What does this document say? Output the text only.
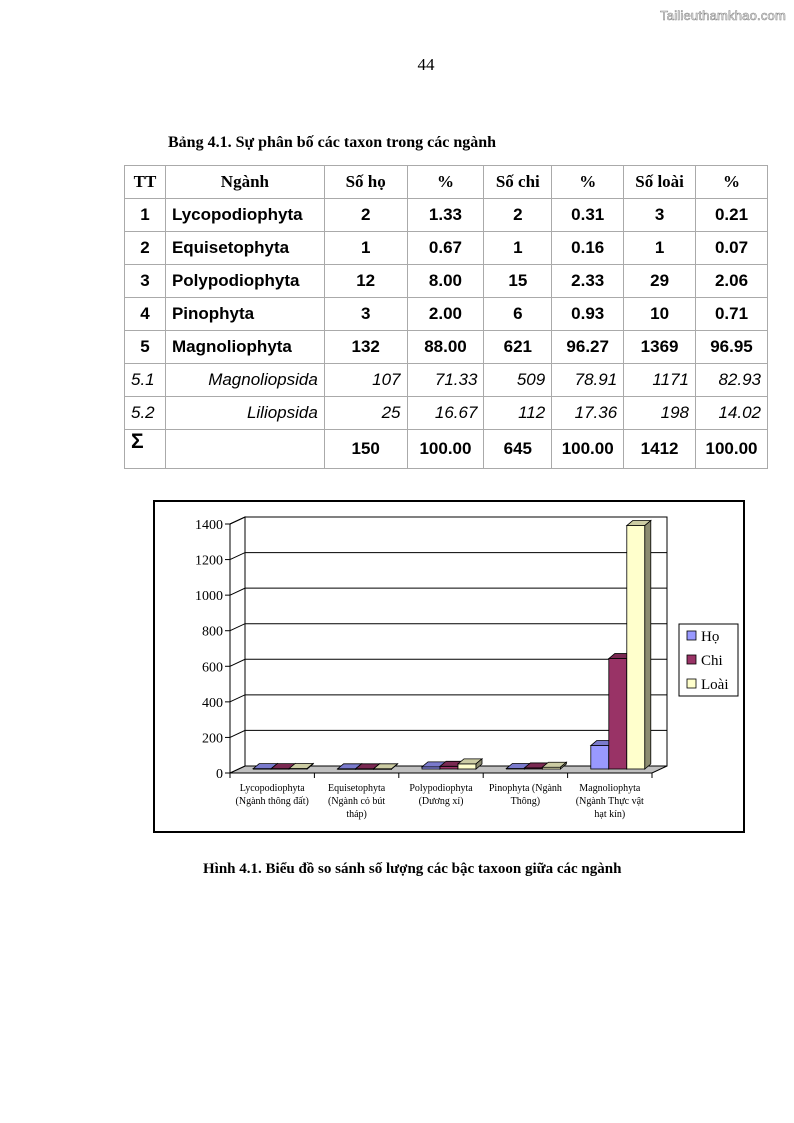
Tailieuthamkhao.com
44
Bảng 4.1. Sự phân bố các taxon trong các ngành
TT	Ngành	Số họ	%	Số chi	%	Số loài	%
1	Lycopodiophyta	2	1.33	2	0.31	3	0.21
2	Equisetophyta	1	0.67	1	0.16	1	0.07
3	Polypodiophyta	12	8.00	15	2.33	29	2.06
4	Pinophyta	3	2.00	6	0.93	10	0.71
5	Magnoliophyta	132	88.00	621	96.27	1369	96.95
5.1	Magnoliopsida	107	71.33	509	78.91	1171	82.93
5.2	Liliopsida	25	16.67	112	17.36	198	14.02
Σ		150	100.00	645	100.00	1412	100.00
0
200
400
600
800
1000
1200
1400
Lycopodiophyta
(Ngành thông đất)
Equisetophyta
(Ngành cỏ bút
tháp)
Polypodiophyta
(Dương xỉ)
Pinophyta (Ngành
Thông)
Magnoliophyta
(Ngành Thực vật
hạt kín)
Họ
Chi
Loài
Hình 4.1. Biểu đồ so sánh số lượng các bậc taxoon giữa các ngành
